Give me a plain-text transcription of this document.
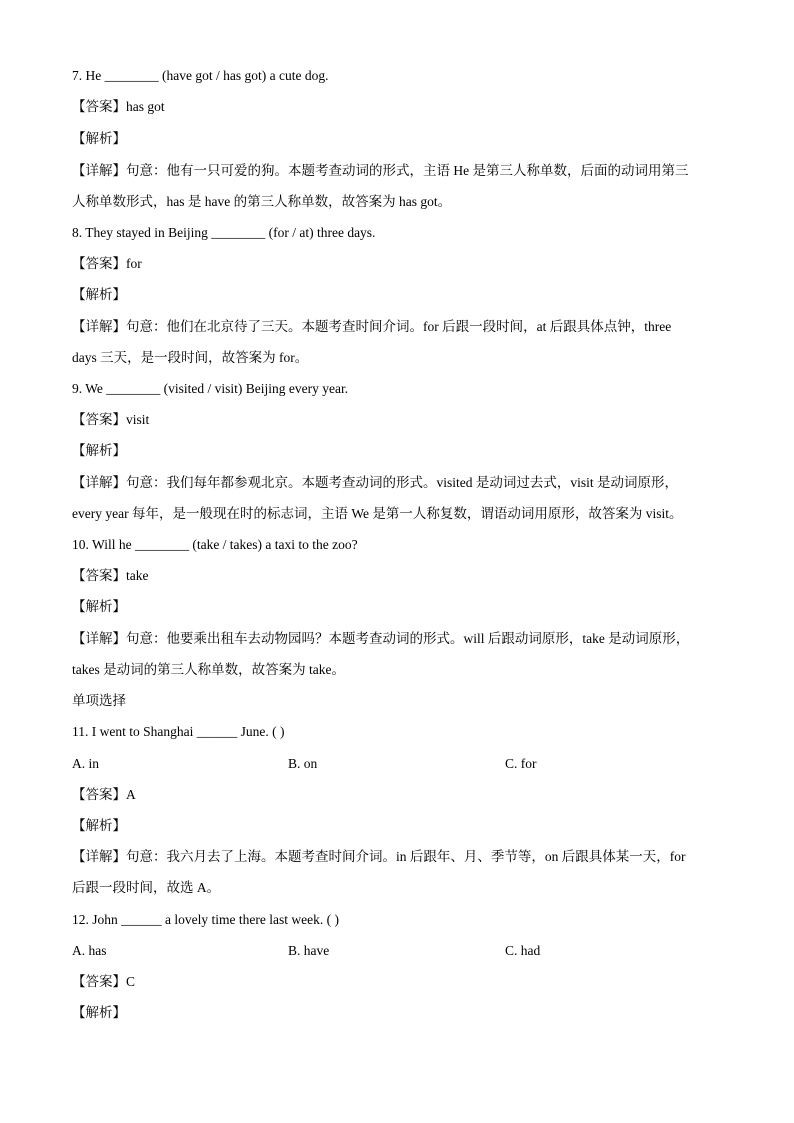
7. He ________ (have got / has got) a cute dog.
【答案】has got
【解析】
【详解】句意：他有一只可爱的狗。本题考查动词的形式，主语 He 是第三人称单数，后面的动词用第三
人称单数形式，has 是 have 的第三人称单数，故答案为 has got。
8. They stayed in Beijing ________ (for / at) three days.
【答案】for
【解析】
【详解】句意：他们在北京待了三天。本题考查时间介词。for 后跟一段时间，at 后跟具体点钟，three
days 三天，是一段时间，故答案为 for。
9. We ________ (visited / visit) Beijing every year.
【答案】visit
【解析】
【详解】句意：我们每年都参观北京。本题考查动词的形式。visited 是动词过去式，visit 是动词原形，
every year 每年，是一般现在时的标志词，主语 We 是第一人称复数，谓语动词用原形，故答案为 visit。
10. Will he ________ (take / takes) a taxi to the zoo?
【答案】take
【解析】
【详解】句意：他要乘出租车去动物园吗？本题考查动词的形式。will 后跟动词原形，take 是动词原形，
takes 是动词的第三人称单数，故答案为 take。
单项选择
11. I went to Shanghai ______ June. ( )
A. in	B. on	C. for
【答案】A
【解析】
【详解】句意：我六月去了上海。本题考查时间介词。in 后跟年、月、季节等，on 后跟具体某一天，for
后跟一段时间，故选 A。
12. John ______ a lovely time there last week. ( )
A. has	B. have	C. had
【答案】C
【解析】
